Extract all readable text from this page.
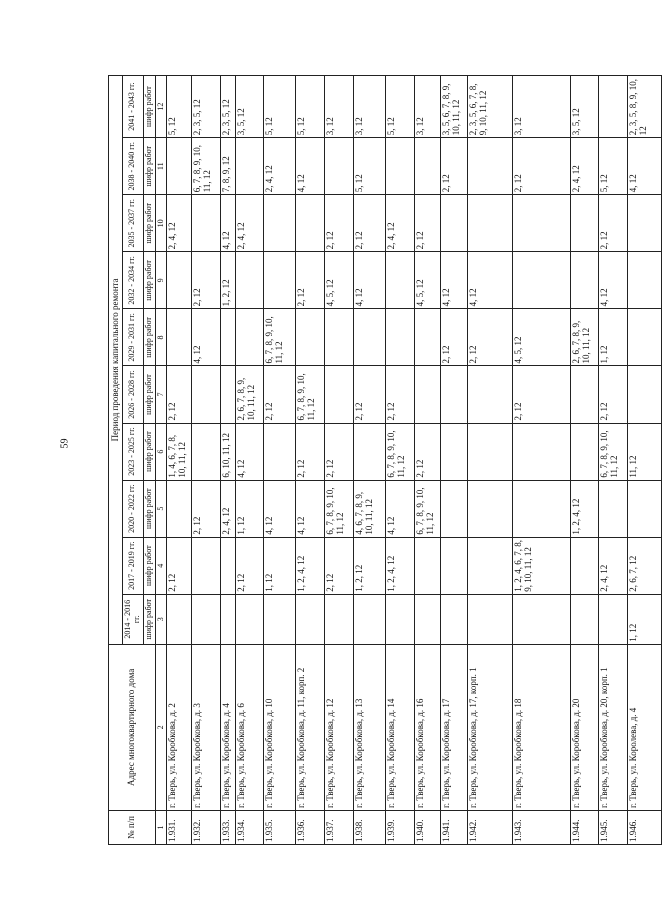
59
№ п/п	Адрес многоквартирного дома	Период проведения капитального ремонта									
		2014 - 2016 гг.	2017 - 2019 гг.	2020 - 2022 гг.	2023 - 2025 гг.	2026 - 2028 гг.	2029 - 2031 гг.	2032 - 2034 гг.	2035 - 2037 гг.	2038 - 2040 гг.	2041 - 2043 гг.
		шифр работ	шифр работ	шифр работ	шифр работ	шифр работ	шифр работ	шифр работ	шифр работ	шифр работ	шифр работ
1	2	3	4	5	6	7	8	9	10	11	12
1.931.	г. Тверь, ул. Коробкова, д. 2		2, 12		1, 4, 6, 7, 8, 10, 11, 12	2, 12			2, 4, 12		5, 12
1.932.	г. Тверь, ул. Коробкова, д. 3			2, 12			4, 12	2, 12		6, 7, 8, 9, 10, 11, 12	2, 3, 5, 12
1.933.	г. Тверь, ул. Коробкова, д. 4			2, 4, 12	6, 10, 11, 12			1, 2, 12	4, 12	7, 8, 9, 12	2, 3, 5, 12
1.934.	г. Тверь, ул. Коробкова, д. 6		2, 12	1, 12	4, 12	2, 6, 7, 8, 9, 10, 11, 12			2, 4, 12		3, 5, 12
1.935.	г. Тверь, ул. Коробкова, д. 10		1, 12	4, 12		2, 12	6, 7, 8, 9, 10, 11, 12			2, 4, 12	5, 12
1.936.	г. Тверь, ул. Коробкова, д. 11, корп. 2		1, 2, 4, 12	4, 12	2, 12	6, 7, 8, 9, 10, 11, 12		2, 12		4, 12	5, 12
1.937.	г. Тверь, ул. Коробкова, д. 12		2, 12	6, 7, 8, 9, 10, 11, 12	2, 12			4, 5, 12	2, 12		3, 12
1.938.	г. Тверь, ул. Коробкова, д. 13		1, 2, 12	4, 6, 7, 8, 9, 10, 11, 12		2, 12		4, 12	2, 12	5, 12	3, 12
1.939.	г. Тверь, ул. Коробкова, д. 14		1, 2, 4, 12	4, 12	6, 7, 8, 9, 10, 11, 12	2, 12			2, 4, 12		5, 12
1.940.	г. Тверь, ул. Коробкова, д. 16			6, 7, 8, 9, 10, 11, 12	2, 12			4, 5, 12	2, 12		3, 12
1.941.	г. Тверь, ул. Коробкова, д. 17						2, 12	4, 12		2, 12	3, 5, 6, 7, 8, 9, 10, 11, 12
1.942.	г. Тверь, ул. Коробкова, д. 17, корп. 1						2, 12	4, 12			2, 3, 5, 6, 7, 8, 9, 10, 11, 12
1.943.	г. Тверь, ул. Коробкова, д. 18		1, 2, 4, 6, 7, 8, 9, 10, 11, 12			2, 12	4, 5, 12			2, 12	3, 12
1.944.	г. Тверь, ул. Коробкова, д. 20			1, 2, 4, 12			2, 6, 7, 8, 9, 10, 11, 12			2, 4, 12	3, 5, 12
1.945.	г. Тверь, ул. Коробкова, д. 20, корп. 1		2, 4, 12		6, 7, 8, 9, 10, 11, 12	2, 12	1, 12	4, 12	2, 12	5, 12	
1.946.	г. Тверь, ул. Королева, д. 4	1, 12	2, 6, 7, 12		11, 12					4, 12	2, 3, 5, 8, 9, 10, 12
